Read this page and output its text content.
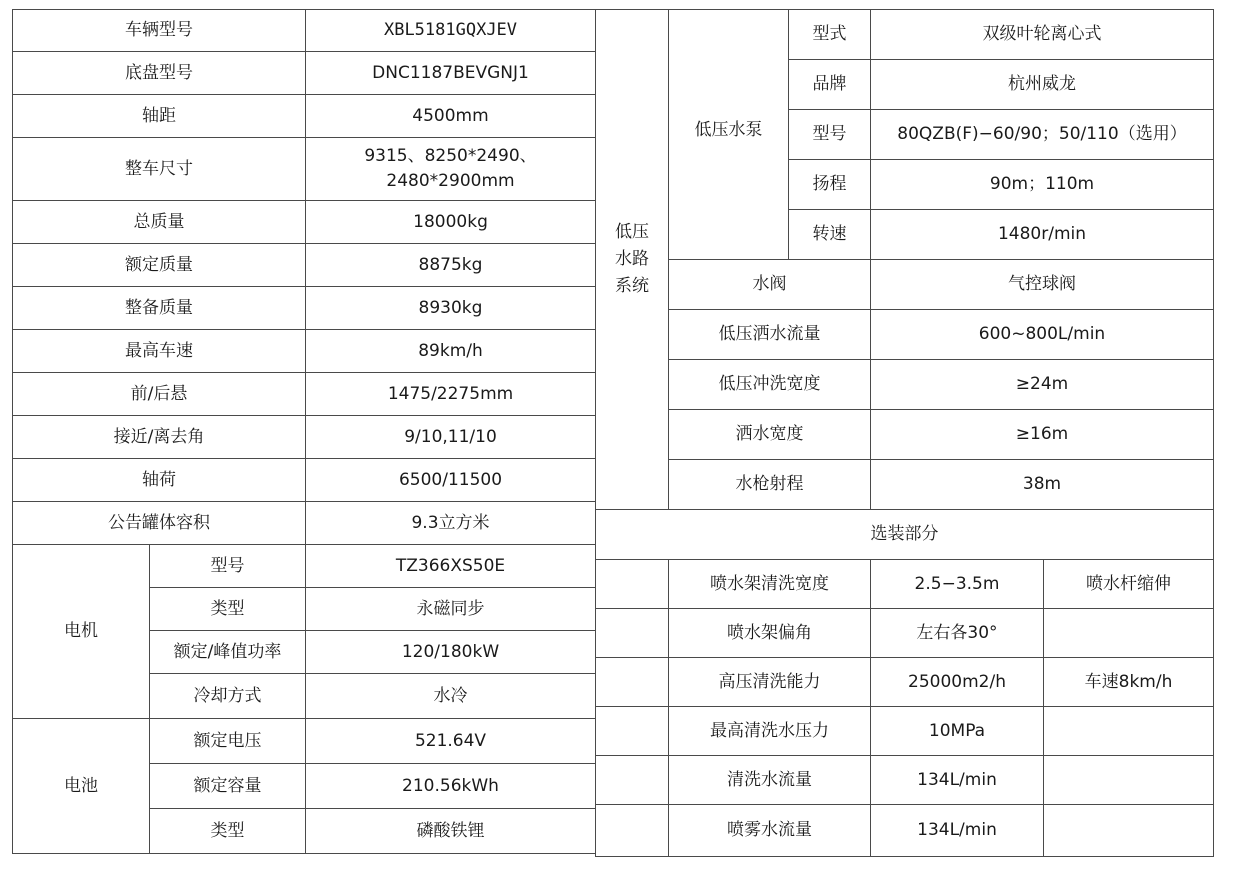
车辆型号		XBL5181GQXJEV
底盘型号		DNC1187BEVGNJ1
轴距		4500mm
整车尺寸		9315、8250*2490、
2480*2900mm

总质量		18000kg
额定质量		8875kg
整备质量		8930kg
最高车速		89km/h
前/后悬		1475/2275mm
接近/离去角		9/10,11/10
轴荷		6500/11500
公告罐体容积		9.3立方米
电机	型号	TZ366XS50E
	类型	永磁同步
	额定/峰值功率	120/180kW
	冷却方式	水冷
电池	额定电压	521.64V
	额定容量	210.56kWh
	类型	磷酸铁锂
低压
水路
系统	低压水泵	型式	双级叶轮离心式	
		品牌	杭州威龙	
		型号	80QZB(F)−60/90；50/110（选用）	
		扬程	90m；110m	
		转速	1480r/min	
	水阀		气控球阀	
	低压洒水流量		600~800L/min	
	低压冲洗宽度		≥24m	
	洒水宽度		≥16m	
	水枪射程		38m	
选装部分				
	喷水架清洗宽度		2.5−3.5m	喷水杆缩伸
	喷水架偏角		左右各30°	
	高压清洗能力		25000m2/h	车速8km/h
	最高清洗水压力		10MPa	
	清洗水流量		134L/min	
	喷雾水流量		134L/min	
